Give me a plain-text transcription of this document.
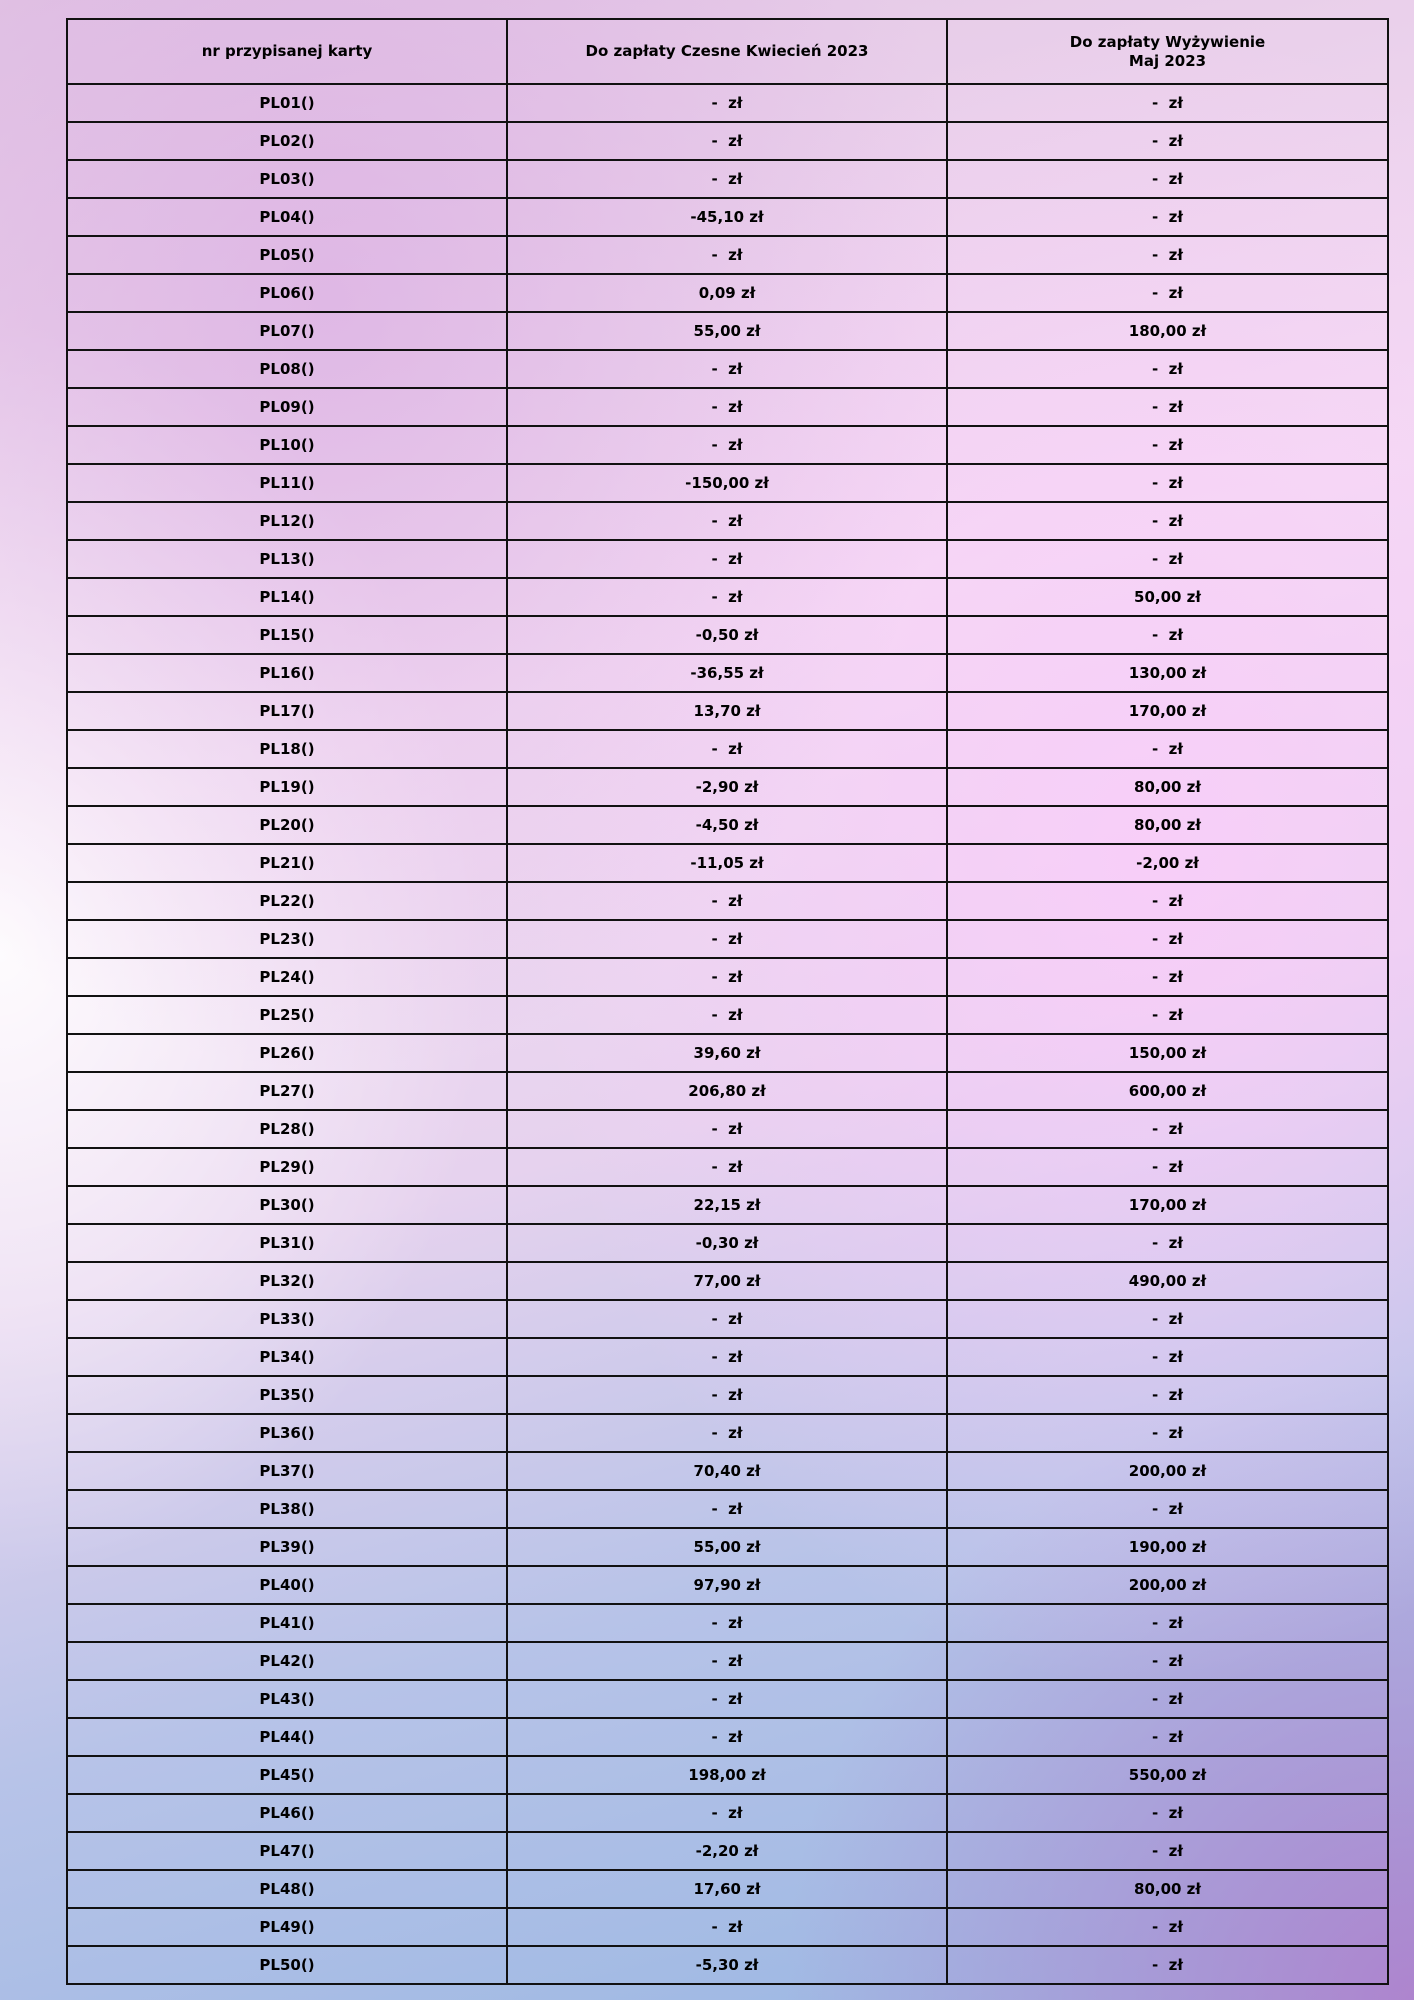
nr przypisanej karty	Do zapłaty Czesne Kwiecień 2023	Do zapłaty Wyżywienie Maj 2023
PL01()	-  zł	-  zł
PL02()	-  zł	-  zł
PL03()	-  zł	-  zł
PL04()	-45,10 zł	-  zł
PL05()	-  zł	-  zł
PL06()	0,09 zł	-  zł
PL07()	55,00 zł	180,00 zł
PL08()	-  zł	-  zł
PL09()	-  zł	-  zł
PL10()	-  zł	-  zł
PL11()	-150,00 zł	-  zł
PL12()	-  zł	-  zł
PL13()	-  zł	-  zł
PL14()	-  zł	50,00 zł
PL15()	-0,50 zł	-  zł
PL16()	-36,55 zł	130,00 zł
PL17()	13,70 zł	170,00 zł
PL18()	-  zł	-  zł
PL19()	-2,90 zł	80,00 zł
PL20()	-4,50 zł	80,00 zł
PL21()	-11,05 zł	-2,00 zł
PL22()	-  zł	-  zł
PL23()	-  zł	-  zł
PL24()	-  zł	-  zł
PL25()	-  zł	-  zł
PL26()	39,60 zł	150,00 zł
PL27()	206,80 zł	600,00 zł
PL28()	-  zł	-  zł
PL29()	-  zł	-  zł
PL30()	22,15 zł	170,00 zł
PL31()	-0,30 zł	-  zł
PL32()	77,00 zł	490,00 zł
PL33()	-  zł	-  zł
PL34()	-  zł	-  zł
PL35()	-  zł	-  zł
PL36()	-  zł	-  zł
PL37()	70,40 zł	200,00 zł
PL38()	-  zł	-  zł
PL39()	55,00 zł	190,00 zł
PL40()	97,90 zł	200,00 zł
PL41()	-  zł	-  zł
PL42()	-  zł	-  zł
PL43()	-  zł	-  zł
PL44()	-  zł	-  zł
PL45()	198,00 zł	550,00 zł
PL46()	-  zł	-  zł
PL47()	-2,20 zł	-  zł
PL48()	17,60 zł	80,00 zł
PL49()	-  zł	-  zł
PL50()	-5,30 zł	-  zł
